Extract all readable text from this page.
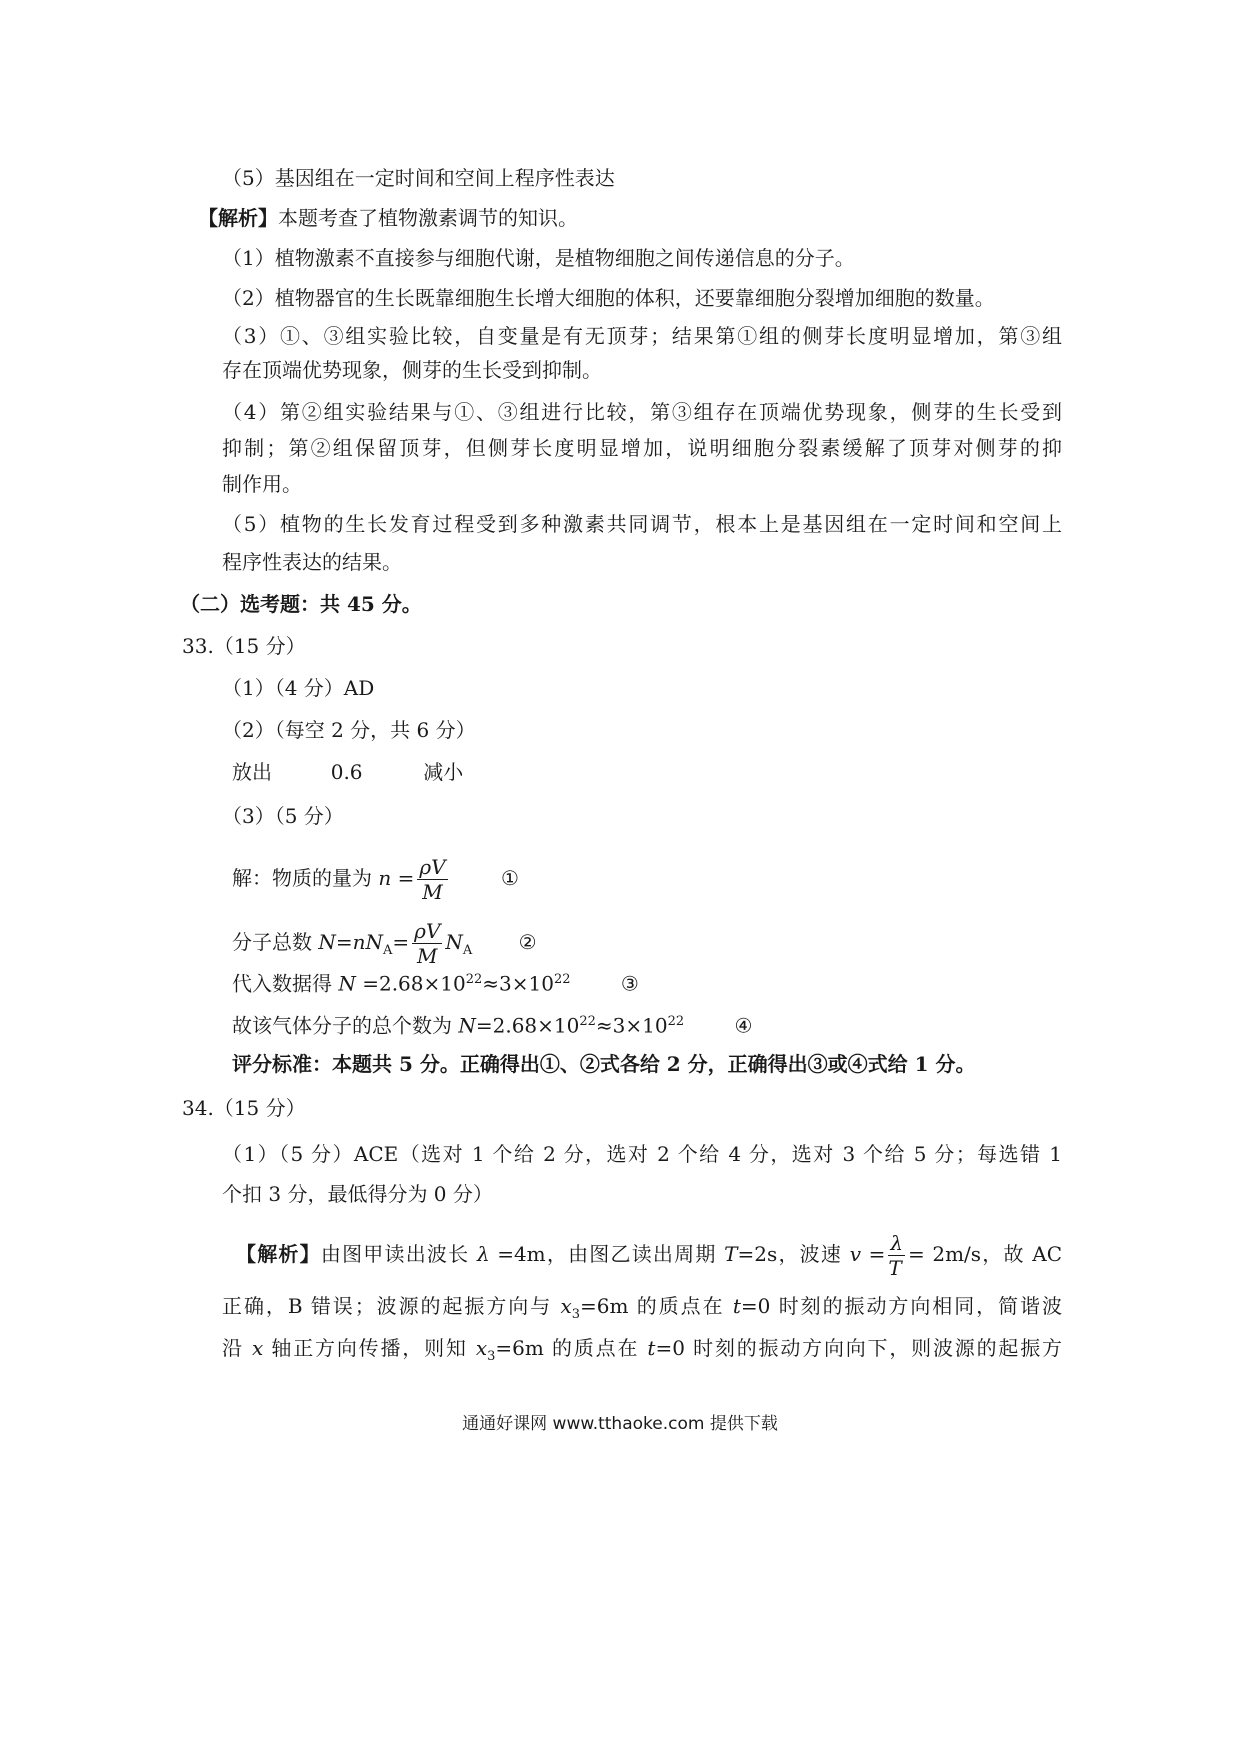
（5）基因组在一定时间和空间上程序性表达
【解析】本题考查了植物激素调节的知识。
（1）植物激素不直接参与细胞代谢，是植物细胞之间传递信息的分子。
（2）植物器官的生长既靠细胞生长增大细胞的体积，还要靠细胞分裂增加细胞的数量。
（3）①、③组实验比较，自变量是有无顶芽；结果第①组的侧芽长度明显增加，第③组
存在顶端优势现象，侧芽的生长受到抑制。
（4）第②组实验结果与①、③组进行比较，第③组存在顶端优势现象，侧芽的生长受到
抑制；第②组保留顶芽，但侧芽长度明显增加，说明细胞分裂素缓解了顶芽对侧芽的抑
制作用。
（5）植物的生长发育过程受到多种激素共同调节，根本上是基因组在一定时间和空间上
程序性表达的结果。
（二）选考题：共 45 分。
33.（15 分）
（1）（4 分）AD
（2）（每空 2 分，共 6 分）
放出	0.6	减小
（3）（5 分）
解：物质的量为 $n = \frac{\rho V}{M}$	①
分子总数 $N=nN_A= \frac{\rho V}{M} N_A$ ②
代入数据得 $N =2.68\times 10^{22}\approx 3\times 10^{22}$	③
故该气体分子的总个数为 $N=2.68\times 10^{22}\approx 3\times 10^{22}$	④
评分标准：本题共 5 分。正确得出①、②式各给 2 分，正确得出③或④式给 1 分。
34.（15 分）
（1）（5 分）ACE（选对 1 个给 2 分，选对 2 个给 4 分，选对 3 个给 5 分；每选错 1
个扣 3 分，最低得分为 0 分）
【解析】由图甲读出波长 λ =4m，由图乙读出周期 T=2s，波速 $v = \frac{\lambda}{T} = 2m/s$，故 AC
正确，B 错误；波源的起振方向与 $x_3=6m$ 的质点在 t=0 时刻的振动方向相同，简谐波
沿 x 轴正方向传播，则知 $x_3=6m$ 的质点在 t=0 时刻的振动方向向下，则波源的起振方
通通好课网 www.tthaoke.com 提供下载
